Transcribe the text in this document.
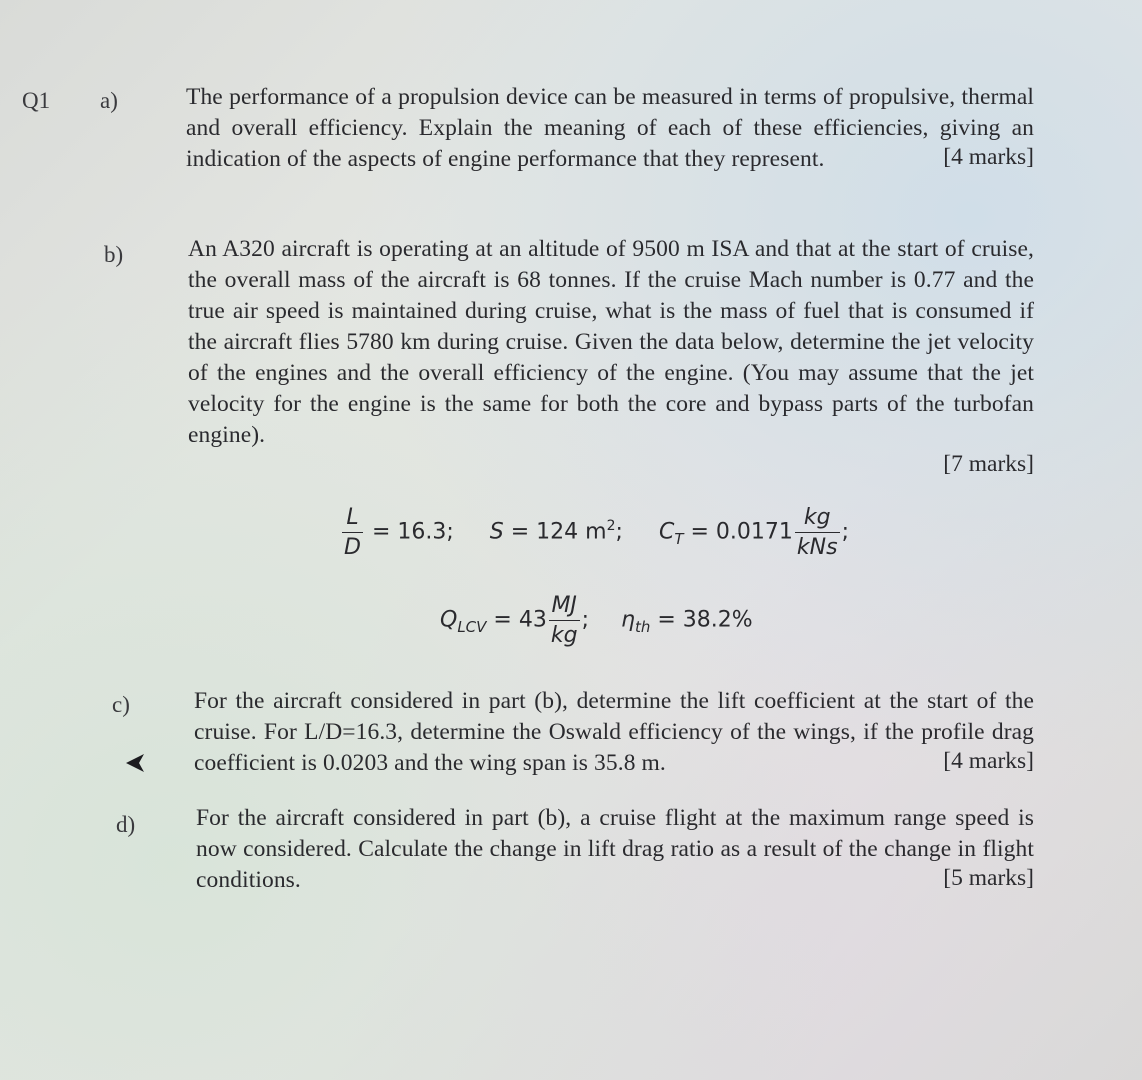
Q1 a)	The performance of a propulsion device can be measured in terms of propulsive, thermal and overall efficiency. Explain the meaning of each of these efficiencies, giving an indication of the aspects of engine performance that they represent.	[4 marks]
b)	An A320 aircraft is operating at an altitude of 9500 m ISA and that at the start of cruise, the overall mass of the aircraft is 68 tonnes. If the cruise Mach number is 0.77 and the true air speed is maintained during cruise, what is the mass of fuel that is consumed if the aircraft flies 5780 km during cruise. Given the data below, determine the jet velocity of the engines and the overall efficiency of the engine. (You may assume that the jet velocity for the engine is the same for both the core and bypass parts of the turbofan engine).
[7 marks]
$\frac{L}{D} = 16.3$; S = 124 $m^2$; $C_T = 0.0171 \frac{kg}{\text{kNs}}$ ;
$Q_{LCV} = 43 \frac{MJ}{kg}$ ; $\eta_{th} = 38.2\%$
c)	For the aircraft considered in part (b), determine the lift coefficient at the start of the cruise. For L/D=16.3, determine the Oswald efficiency of the wings, if the profile drag coefficient is 0.0203 and the wing span is 35.8 m.	[4 marks]
d)	For the aircraft considered in part (b), a cruise flight at the maximum range speed is now considered. Calculate the change in lift drag ratio as a result of the change in flight conditions.	[5 marks]
